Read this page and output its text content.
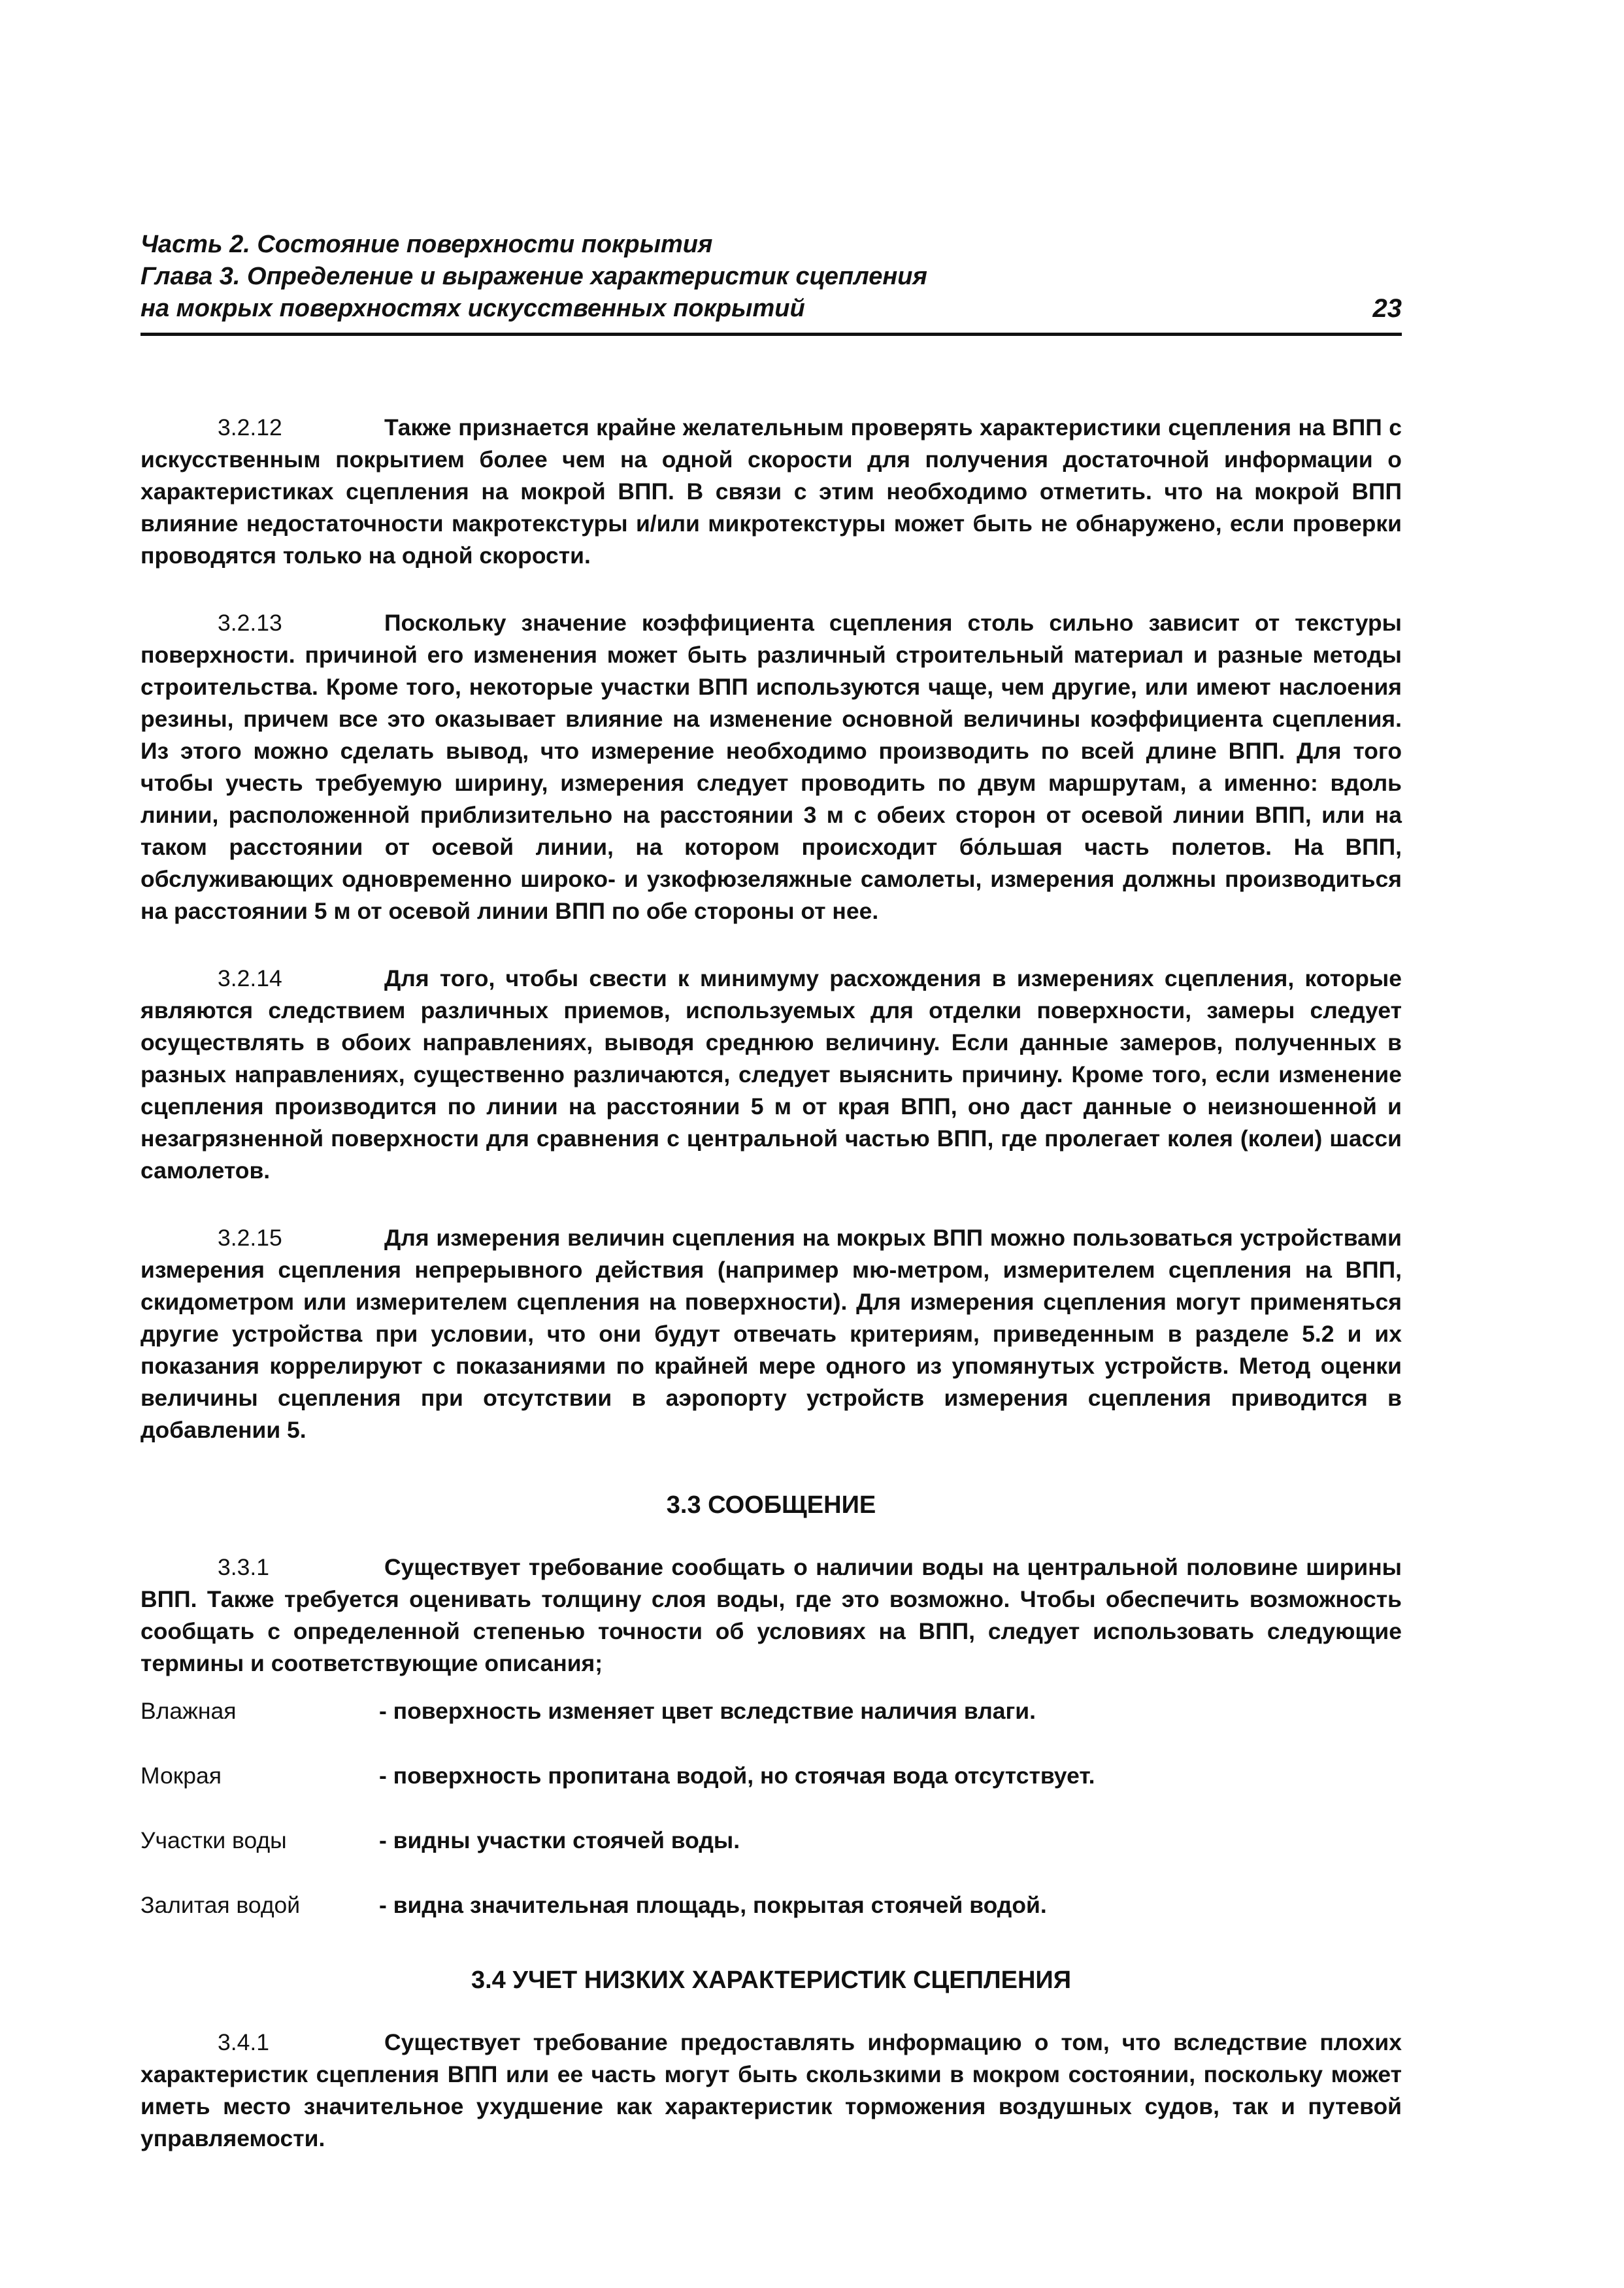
Часть 2. Состояние поверхности покрытия
Глава 3. Определение и выражение характеристик сцепления
на мокрых поверхностях искусственных покрытий	23

3.2.12	Также признается крайне желательным проверять характеристики сцепления на ВПП с искусственным покрытием более чем на одной скорости для получения достаточной информации о характеристиках сцепления на мокрой ВПП. В связи с этим необходимо отметить. что на мокрой ВПП влияние недостаточности макротекстуры и/или микротекстуры может быть не обнаружено, если проверки проводятся только на одной скорости.

3.2.13	Поскольку значение коэффициента сцепления столь сильно зависит от текстуры поверхности. причиной его изменения может быть различный строительный материал и разные методы строительства. Кроме того, некоторые участки ВПП используются чаще, чем другие, или имеют наслоения резины, причем все это оказывает влияние на изменение основной величины коэффициента сцепления. Из этого можно сделать вывод, что измерение необходимо производить по всей длине ВПП. Для того чтобы учесть требуемую ширину, измерения следует проводить по двум маршрутам, а именно: вдоль линии, расположенной приблизительно на расстоянии 3 м с обеих сторон от осевой линии ВПП, или на таком расстоянии от осевой линии, на котором происходит бо́льшая часть полетов. На ВПП, обслуживающих одновременно широко- и узкофюзеляжные самолеты, измерения должны производиться на расстоянии 5 м от осевой линии ВПП по обе стороны от нее.

3.2.14	Для того, чтобы свести к минимуму расхождения в измерениях сцепления, которые являются следствием различных приемов, используемых для отделки поверхности, замеры следует осуществлять в обоих направлениях, выводя среднюю величину. Если данные замеров, полученных в разных направлениях, существенно различаются, следует выяснить причину. Кроме того, если изменение сцепления производится по линии на расстоянии 5 м от края ВПП, оно даст данные о неизношенной и незагрязненной поверхности для сравнения с центральной частью ВПП, где пролегает колея (колеи) шасси самолетов.

3.2.15	Для измерения величин сцепления на мокрых ВПП можно пользоваться устройствами измерения сцепления непрерывного действия (например мю-метром, измерителем сцепления на ВПП, скидометром или измерителем сцепления на поверхности). Для измерения сцепления могут применяться другие устройства при условии, что они будут отвечать критериям, приведенным в разделе 5.2 и их показания коррелируют с показаниями по крайней мере одного из упомянутых устройств. Метод оценки величины сцепления при отсутствии в аэропорту устройств измерения сцепления приводится в добавлении 5.

3.3 СООБЩЕНИЕ

3.3.1	Существует требование сообщать о наличии воды на центральной половине ширины ВПП. Также требуется оценивать толщину слоя воды, где это возможно. Чтобы обеспечить возможность сообщать с определенной степенью точности об условиях на ВПП, следует использовать следующие термины и соответствующие описания;

Влажная	- поверхность изменяет цвет вследствие наличия влаги.
Мокрая	- поверхность пропитана водой, но стоячая вода отсутствует.
Участки воды	- видны участки стоячей воды.
Залитая водой	- видна значительная площадь, покрытая стоячей водой.
3.4 УЧЕТ НИЗКИХ ХАРАКТЕРИСТИК СЦЕПЛЕНИЯ

3.4.1	Существует требование предоставлять информацию о том, что вследствие плохих характеристик сцепления ВПП или ее часть могут быть скользкими в мокром состоянии, поскольку может иметь место значительное ухудшение как характеристик торможения воздушных судов, так и путевой управляемости.
